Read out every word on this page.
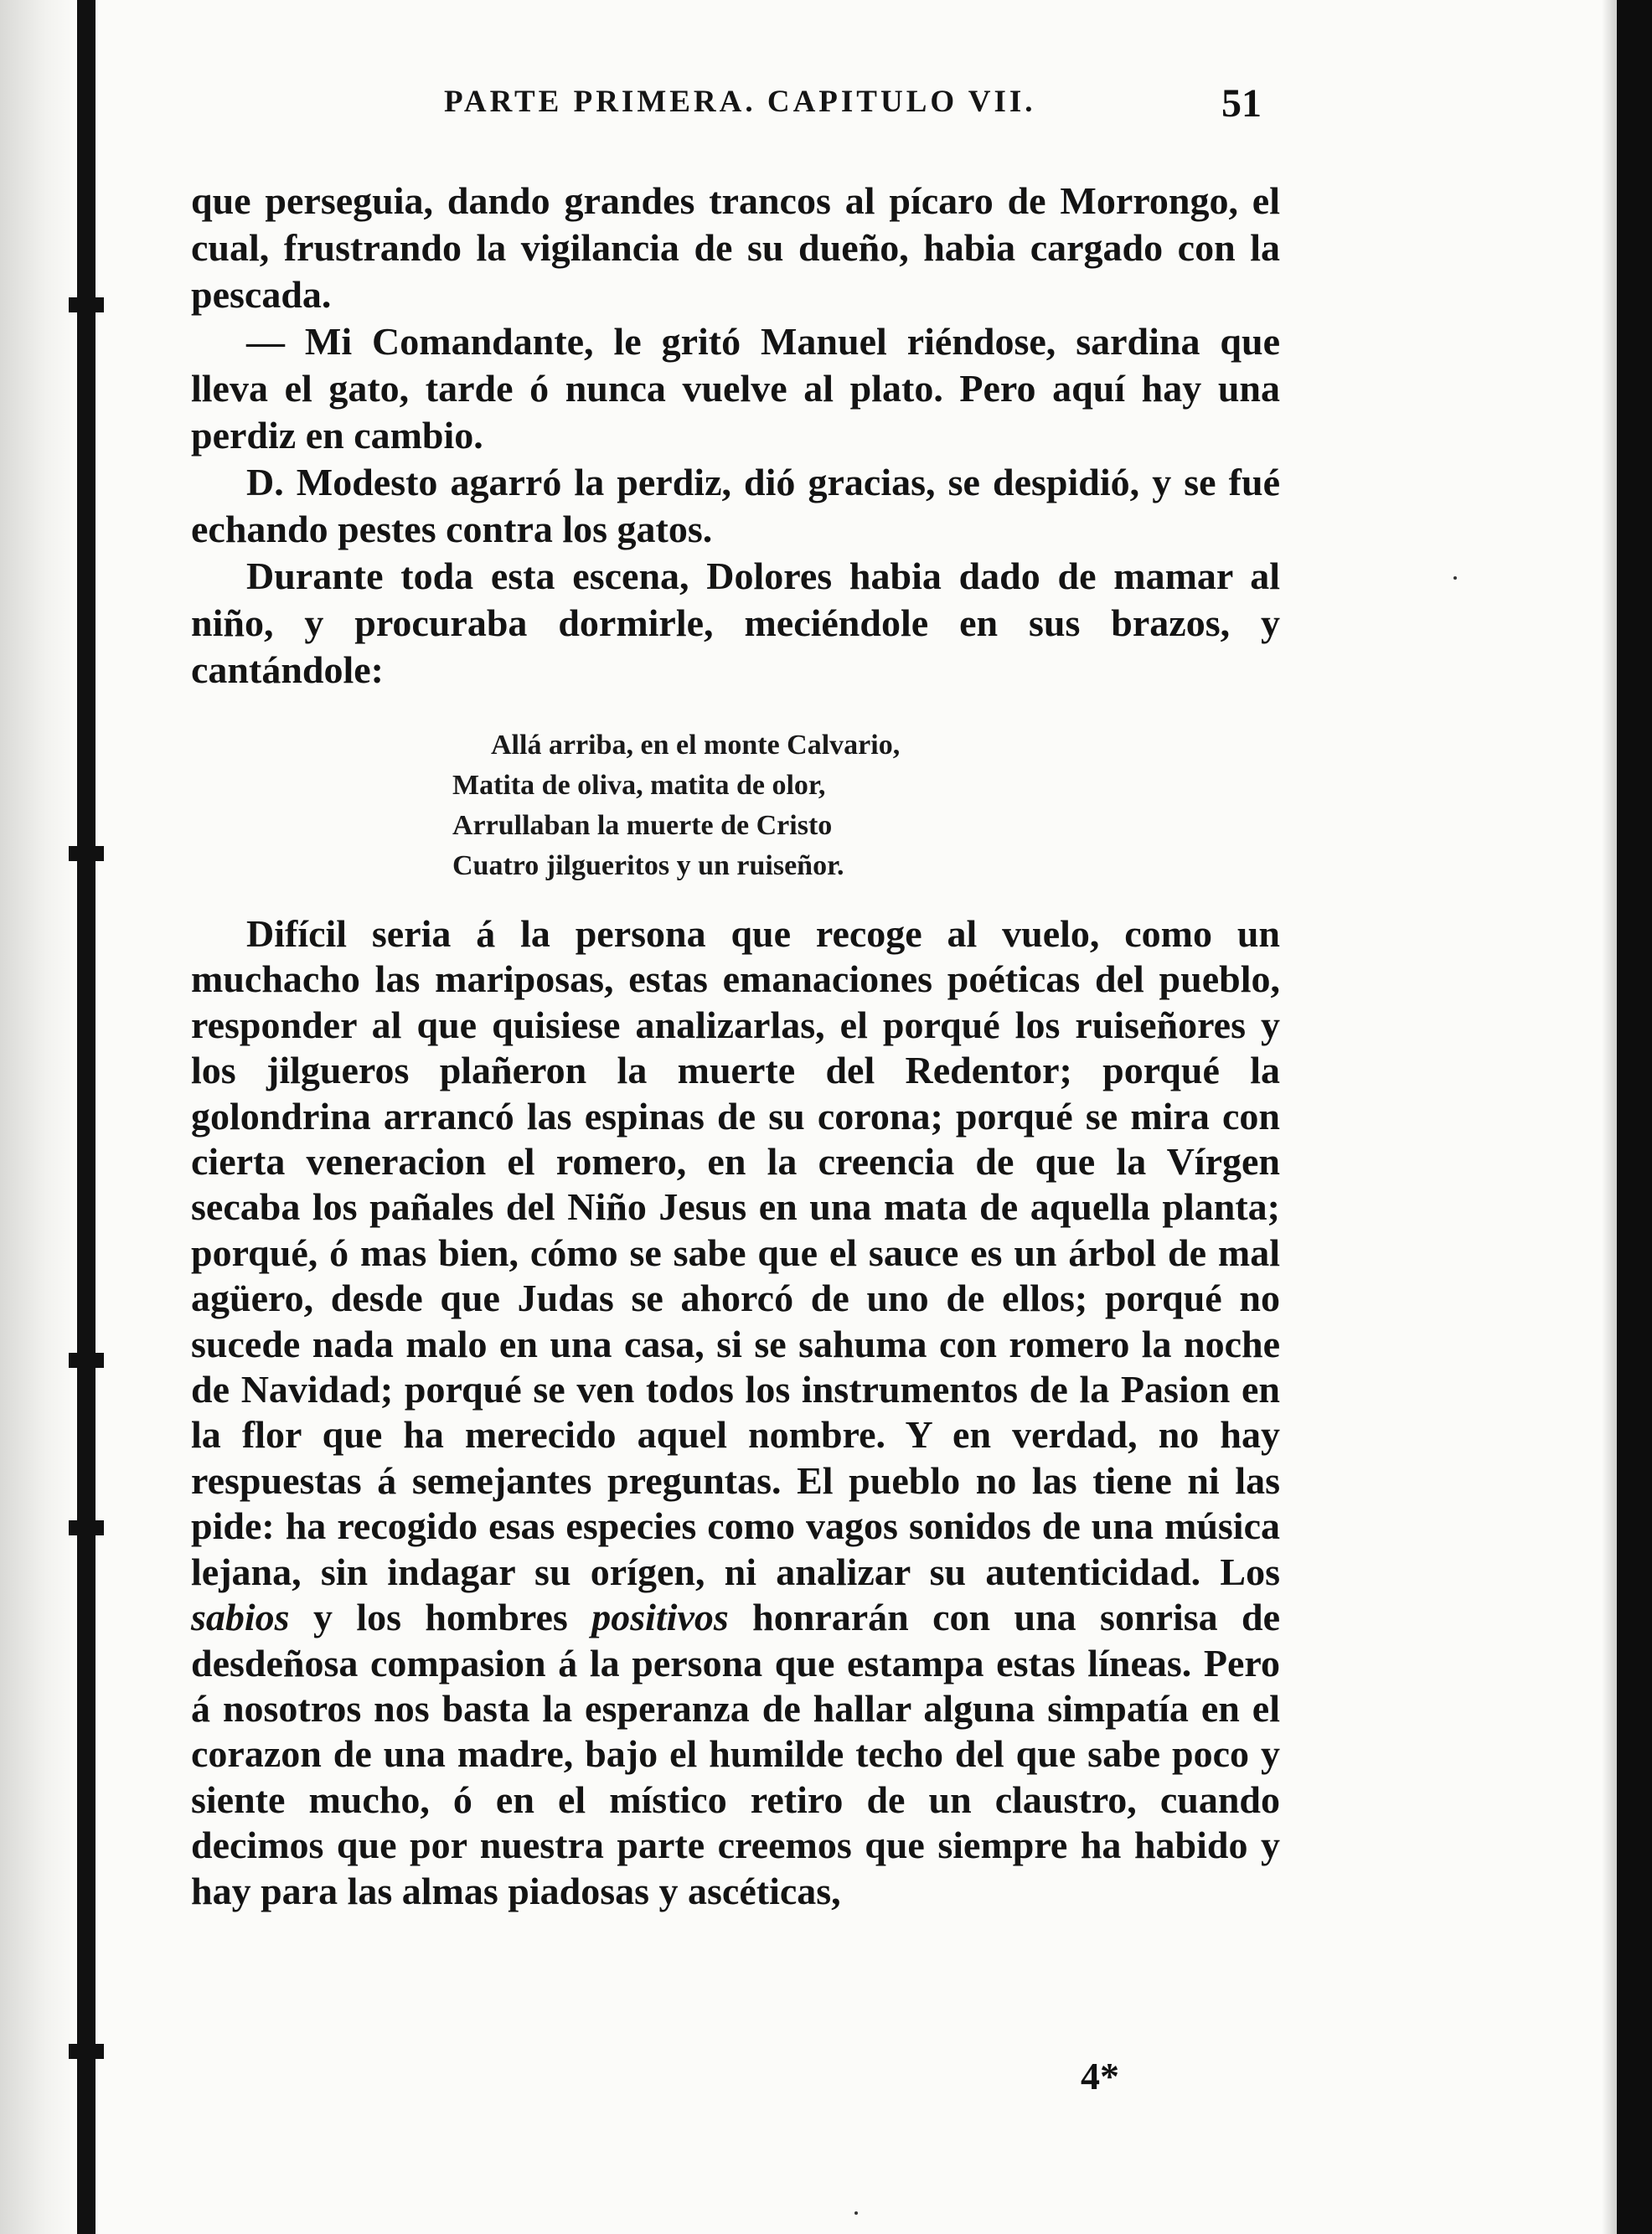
PARTE PRIMERA. CAPITULO VII.	51

que perseguia, dando grandes trancos al pícaro de Morrongo, el cual, frustrando la vigilancia de su dueño, habia cargado con la pescada.

— Mi Comandante, le gritó Manuel riéndose, sardina que lleva el gato, tarde ó nunca vuelve al plato. Pero aquí hay una perdiz en cambio.

D. Modesto agarró la perdiz, dió gracias, se despidió, y se fué echando pestes contra los gatos.

Durante toda esta escena, Dolores habia dado de mamar al niño, y procuraba dormirle, meciéndole en sus brazos, y cantándole:

Allá arriba, en el monte Calvario,
Matita de oliva, matita de olor,
Arrullaban la muerte de Cristo
Cuatro jilgueritos y un ruiseñor.

Difícil seria á la persona que recoge al vuelo, como un muchacho las mariposas, estas emanaciones poéticas del pueblo, responder al que quisiese analizarlas, el porqué los ruiseñores y los jilgueros plañeron la muerte del Redentor; porqué la golondrina arrancó las espinas de su corona; porqué se mira con cierta veneracion el romero, en la creencia de que la Vírgen secaba los pañales del Niño Jesus en una mata de aquella planta; porqué, ó mas bien, cómo se sabe que el sauce es un árbol de mal agüero, desde que Judas se ahorcó de uno de ellos; porqué no sucede nada malo en una casa, si se sahuma con romero la noche de Navidad; porqué se ven todos los instrumentos de la Pasion en la flor que ha merecido aquel nombre. Y en verdad, no hay respuestas á semejantes preguntas. El pueblo no las tiene ni las pide: ha recogido esas especies como vagos sonidos de una música lejana, sin indagar su orígen, ni analizar su autenticidad. Los sabios y los hombres positivos honrarán con una sonrisa de desdeñosa compasion á la persona que estampa estas líneas. Pero á nosotros nos basta la esperanza de hallar alguna simpatía en el corazon de una madre, bajo el humilde techo del que sabe poco y siente mucho, ó en el místico retiro de un claustro, cuando decimos que por nuestra parte creemos que siempre ha habido y hay para las almas piadosas y ascéticas,

4*
